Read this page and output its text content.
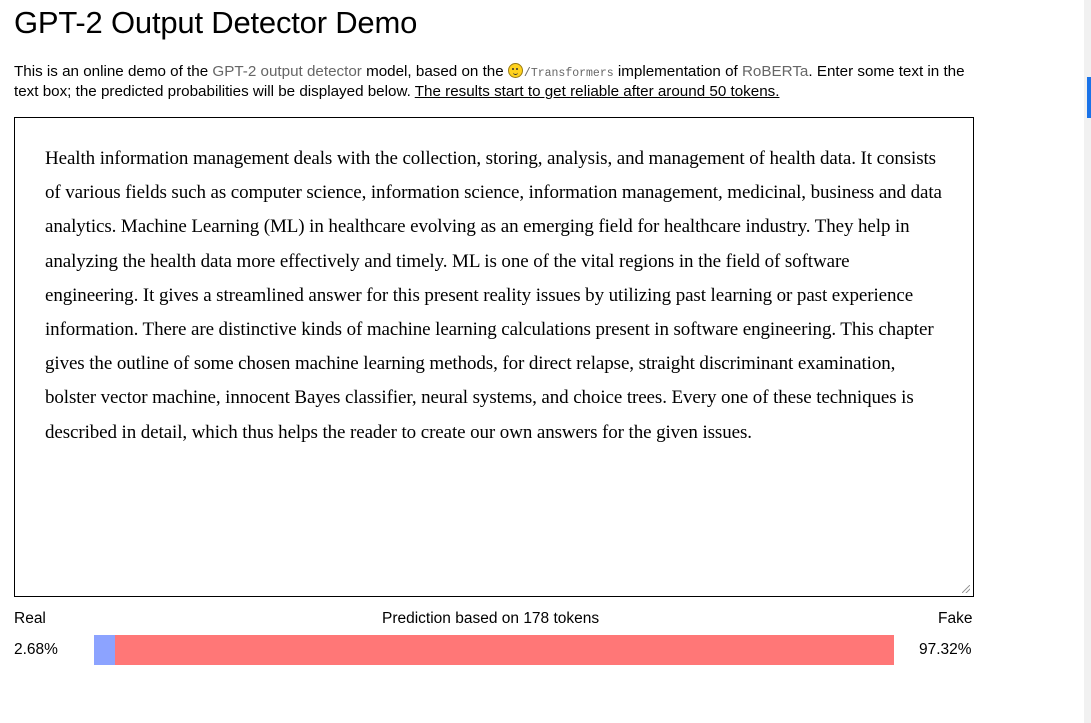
GPT-2 Output Detector Demo
This is an online demo of the GPT-2 output detector model, based on the
/Transformers implementation of RoBERTa. Enter some text in the text box; the predicted probabilities will be displayed below. The results start to get reliable after around 50 tokens.
Health information management deals with the collection, storing, analysis, and management of health data. It consists of various fields such as computer science, information science, information management, medicinal, business and data analytics. Machine Learning (ML) in healthcare evolving as an emerging field for healthcare industry. They help in analyzing the health data more effectively and timely. ML is one of the vital regions in the field of software engineering. It gives a streamlined answer for this present reality issues by utilizing past learning or past experience information. There are distinctive kinds of machine learning calculations present in software engineering. This chapter gives the outline of some chosen machine learning methods, for direct relapse, straight discriminant examination, bolster vector machine, innocent Bayes classifier, neural systems, and choice trees. Every one of these techniques is described in detail, which thus helps the reader to create our own answers for the given issues.
Real	Prediction based on 178 tokens	Fake
2.68%	97.32%
